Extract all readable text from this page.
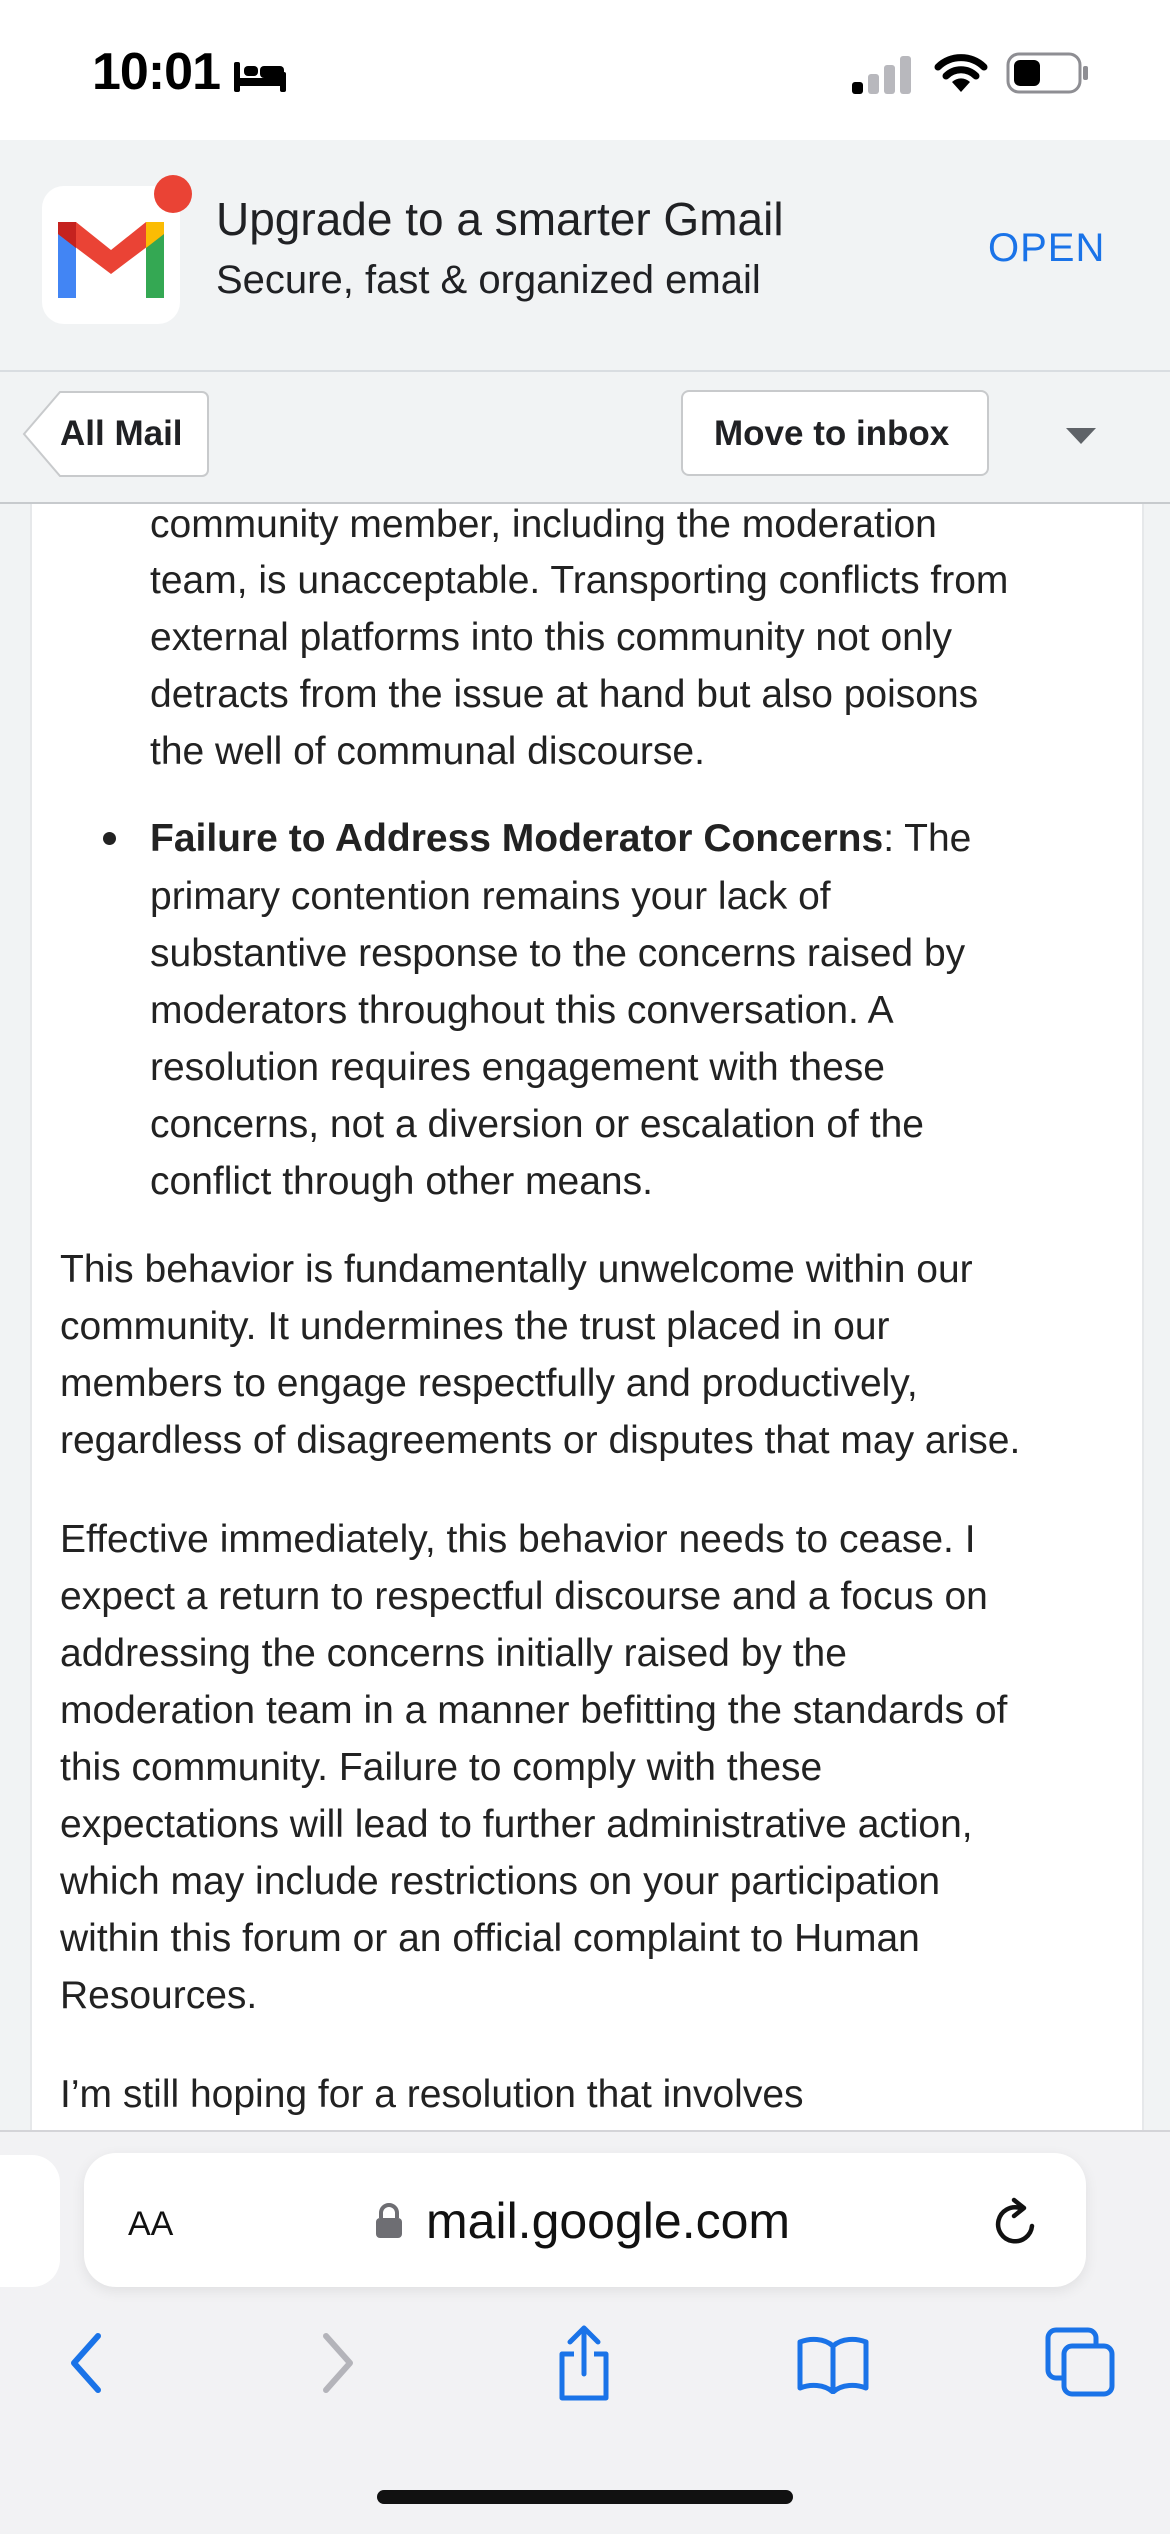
10:01
Upgrade to a smarter Gmail
Secure, fast & organized email
OPEN
All Mail	Move to inbox
community member, including the moderation
team, is unacceptable. Transporting conflicts from
external platforms into this community not only
detracts from the issue at hand but also poisons
the well of communal discourse.
Failure to Address Moderator Concerns: The
primary contention remains your lack of
substantive response to the concerns raised by
moderators throughout this conversation. A
resolution requires engagement with these
concerns, not a diversion or escalation of the
conflict through other means.
This behavior is fundamentally unwelcome within our
community. It undermines the trust placed in our
members to engage respectfully and productively,
regardless of disagreements or disputes that may arise.
Effective immediately, this behavior needs to cease. I
expect a return to respectful discourse and a focus on
addressing the concerns initially raised by the
moderation team in a manner befitting the standards of
this community. Failure to comply with these
expectations will lead to further administrative action,
which may include restrictions on your participation
within this forum or an official complaint to Human
Resources.
I’m still hoping for a resolution that involves
AA	mail.google.com
